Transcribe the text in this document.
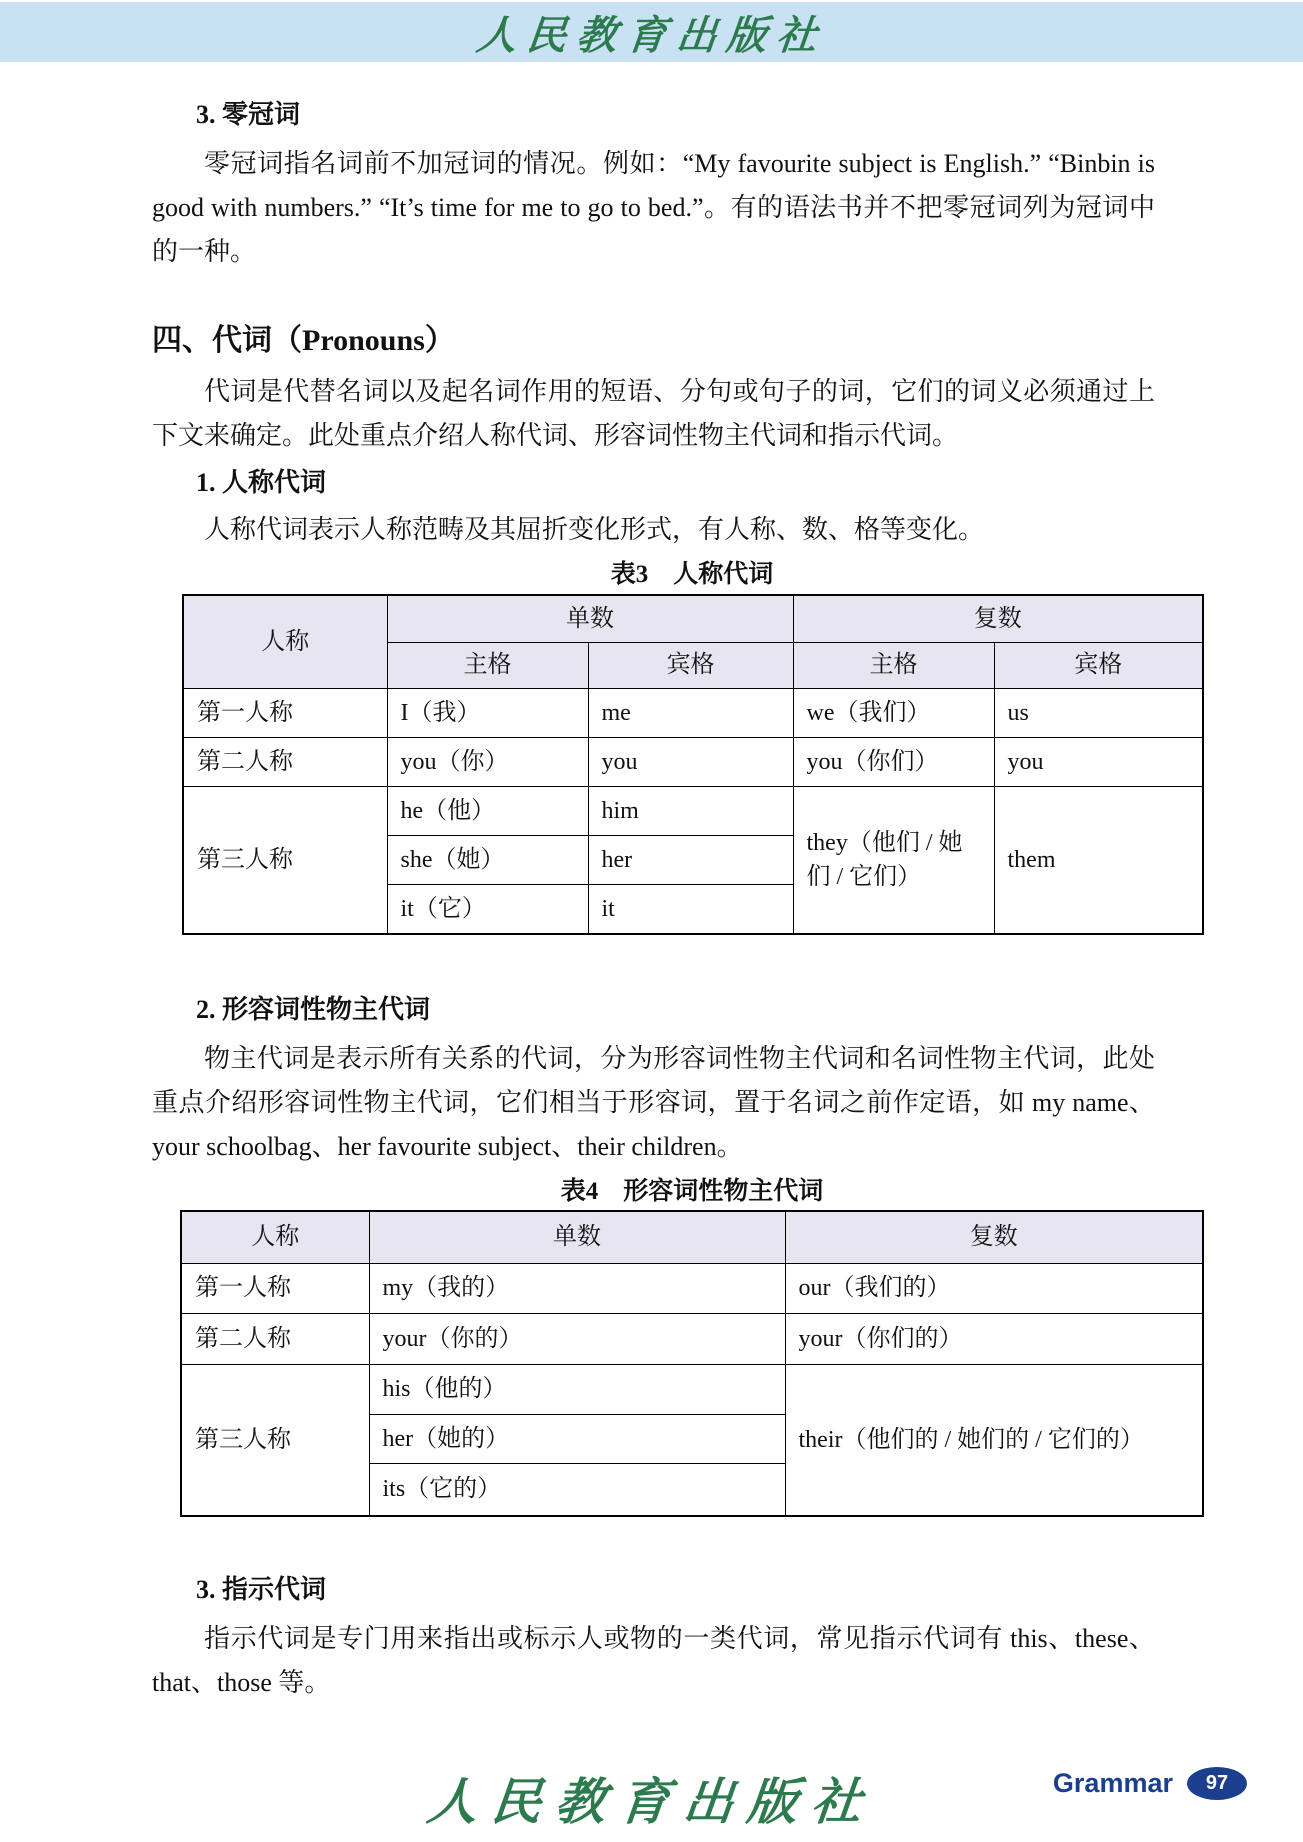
人民教育出版社
3. 零冠词

零冠词指名词前不加冠词的情况。例如：“My favourite subject is English.” “Binbin is good with numbers.” “It’s time for me to go to bed.”。有的语法书并不把零冠词列为冠词中的一种。

四、代词（Pronouns）

代词是代替名词以及起名词作用的短语、分句或句子的词，它们的词义必须通过上下文来确定。此处重点介绍人称代词、形容词性物主代词和指示代词。

1. 人称代词

人称代词表示人称范畴及其屈折变化形式，有人称、数、格等变化。

表3　人称代词
人称	单数		复数	
	主格	宾格	主格	宾格
第一人称	I（我）	me	we（我们）	us
第二人称	you（你）	you	you（你们）	you
第三人称	he（他）	him	they（他们 / 她们 / 它们）	them
	she（她）	her		
	it（它）	it		
2. 形容词性物主代词

物主代词是表示所有关系的代词，分为形容词性物主代词和名词性物主代词，此处重点介绍形容词性物主代词，它们相当于形容词，置于名词之前作定语，如 my name、your schoolbag、her favourite subject、their children。

表4　形容词性物主代词
人称	单数	复数
第一人称	my（我的）	our（我们的）
第二人称	your（你的）	your（你们的）
第三人称	his（他的）	their（他们的 / 她们的 / 它们的）
	her（她的）	
	its（它的）	
3. 指示代词

指示代词是专门用来指出或标示人或物的一类代词，常见指示代词有 this、these、that、those 等。

Grammar	97
人民教育出版社
